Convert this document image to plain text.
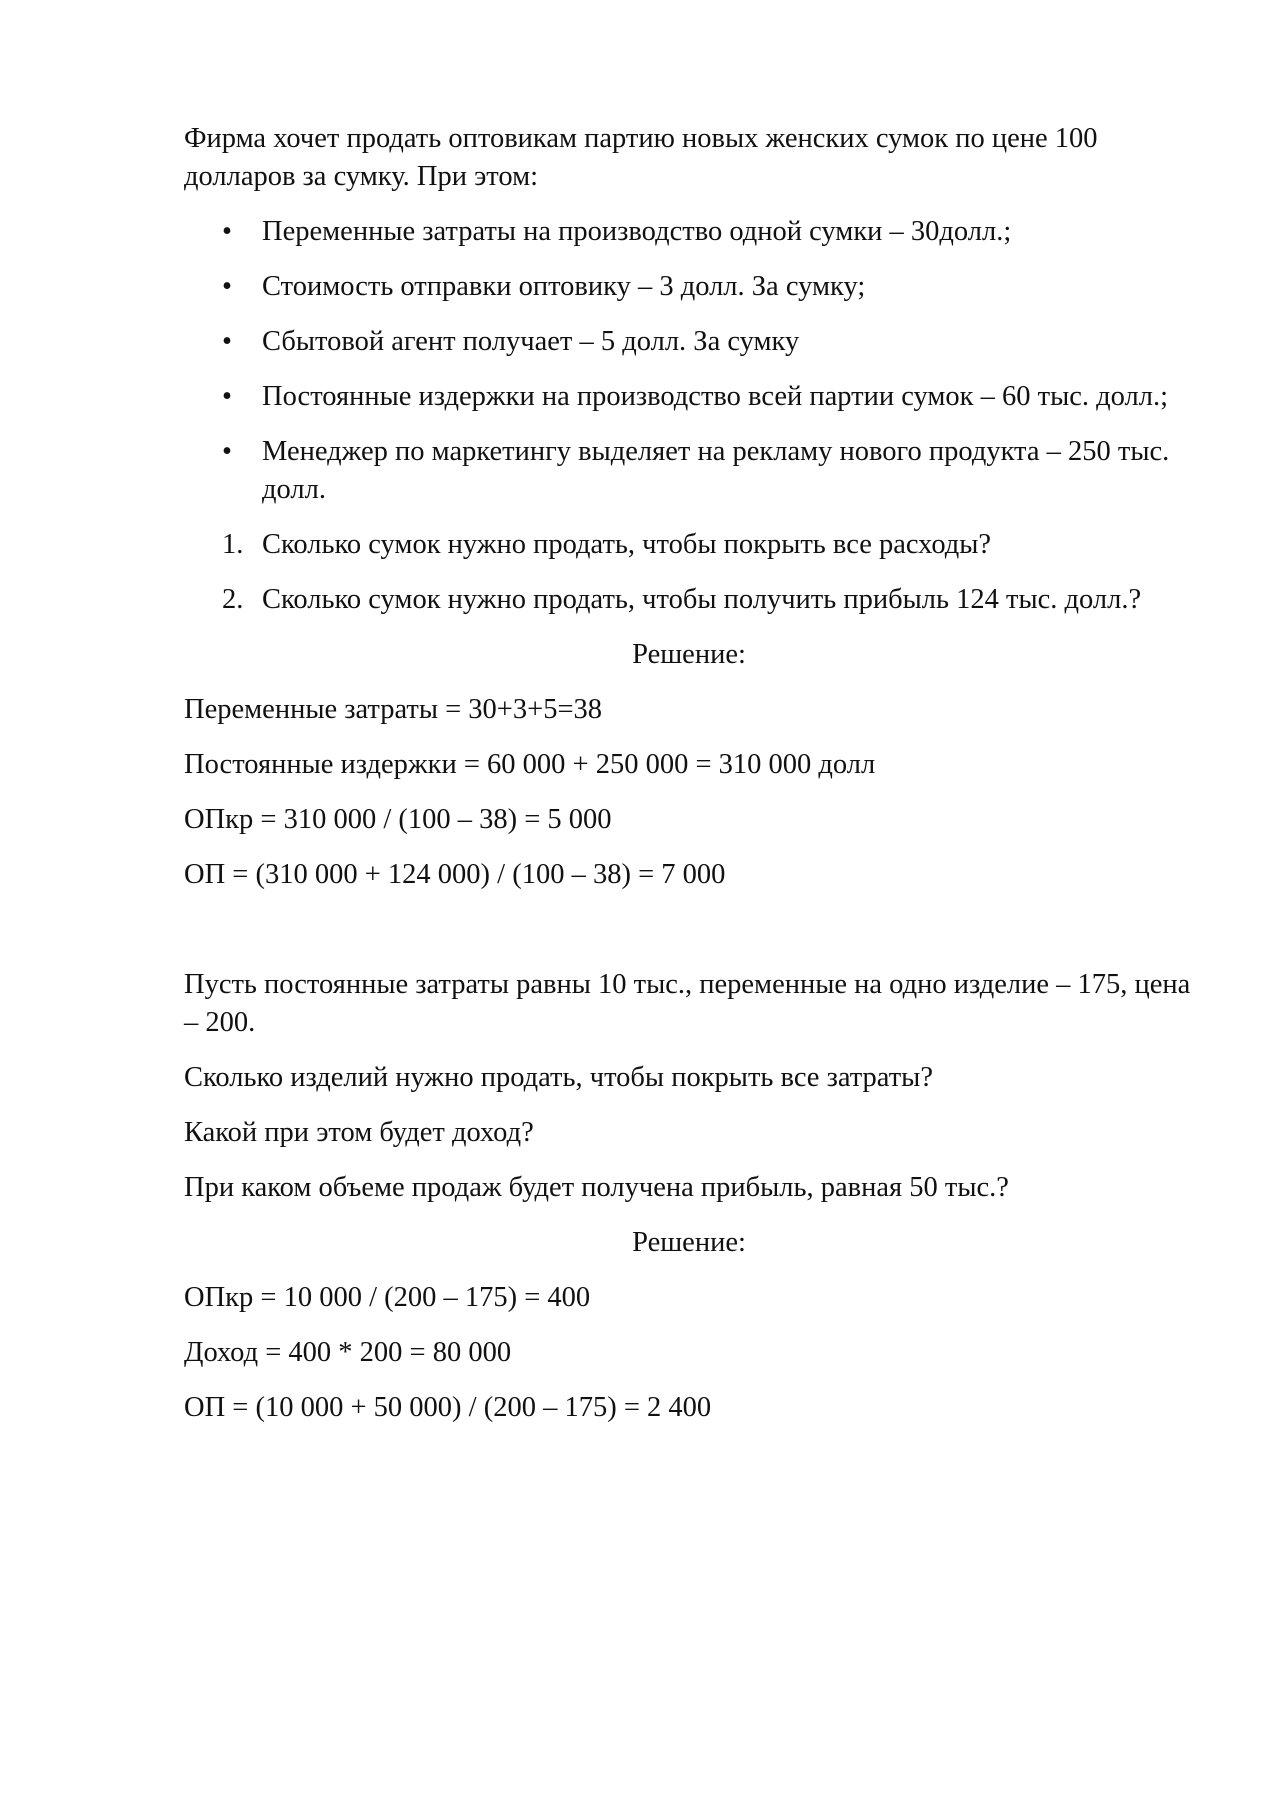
Фирма хочет продать оптовикам партию новых женских сумок по цене 100 долларов за сумку. При этом:

• Переменные затраты на производство одной сумки – 30долл.;
• Стоимость отправки оптовику – 3 долл. За сумку;
• Сбытовой агент получает – 5 долл. За сумку
• Постоянные издержки на производство всей партии сумок – 60 тыс. долл.;
• Менеджер по маркетингу выделяет на рекламу нового продукта – 250 тыс. долл.
1. Сколько сумок нужно продать, чтобы покрыть все расходы?
2. Сколько сумок нужно продать, чтобы получить прибыль 124 тыс. долл.?

Решение:

Переменные затраты = 30+3+5=38

Постоянные издержки = 60 000 + 250 000 = 310 000 долл

ОПкр = 310 000 / (100 – 38) = 5 000

ОП = (310 000 + 124 000) / (100 – 38) = 7 000

Пусть постоянные затраты равны 10 тыс., переменные на одно изделие – 175, цена – 200.

Сколько изделий нужно продать, чтобы покрыть все затраты?

Какой при этом будет доход?

При каком объеме продаж будет получена прибыль, равная 50 тыс.?

Решение:

ОПкр = 10 000 / (200 – 175) = 400

Доход = 400 * 200 = 80 000

ОП = (10 000 + 50 000) / (200 – 175) = 2 400
